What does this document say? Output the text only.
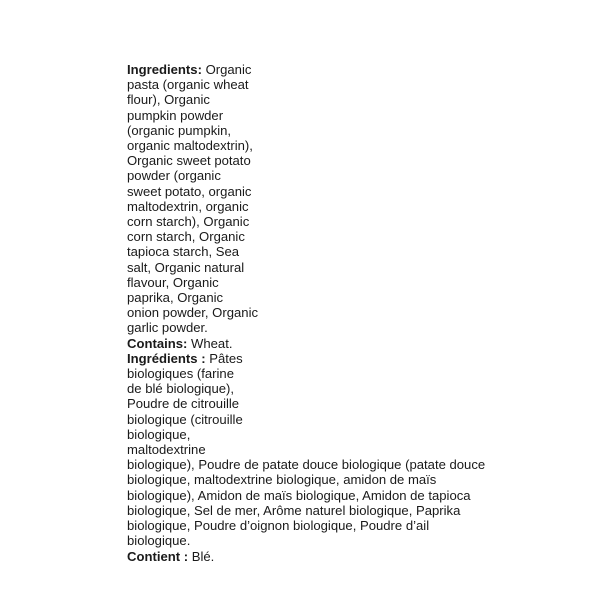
Ingredients: Organic
pasta (organic wheat
flour), Organic
pumpkin powder
(organic pumpkin,
organic maltodextrin),
Organic sweet potato
powder (organic
sweet potato, organic
maltodextrin, organic
corn starch), Organic
corn starch, Organic
tapioca starch, Sea
salt, Organic natural
flavour, Organic
paprika, Organic
onion powder, Organic
garlic powder.
Contains: Wheat.
Ingrédients : Pâtes
biologiques (farine
de blé biologique),
Poudre de citrouille
biologique (citrouille
biologique,
maltodextrine
biologique), Poudre de patate douce biologique (patate douce
biologique, maltodextrine biologique, amidon de maïs
biologique), Amidon de maïs biologique, Amidon de tapioca
biologique, Sel de mer, Arôme naturel biologique, Paprika
biologique, Poudre d’oignon biologique, Poudre d’ail
biologique.
Contient : Blé.
